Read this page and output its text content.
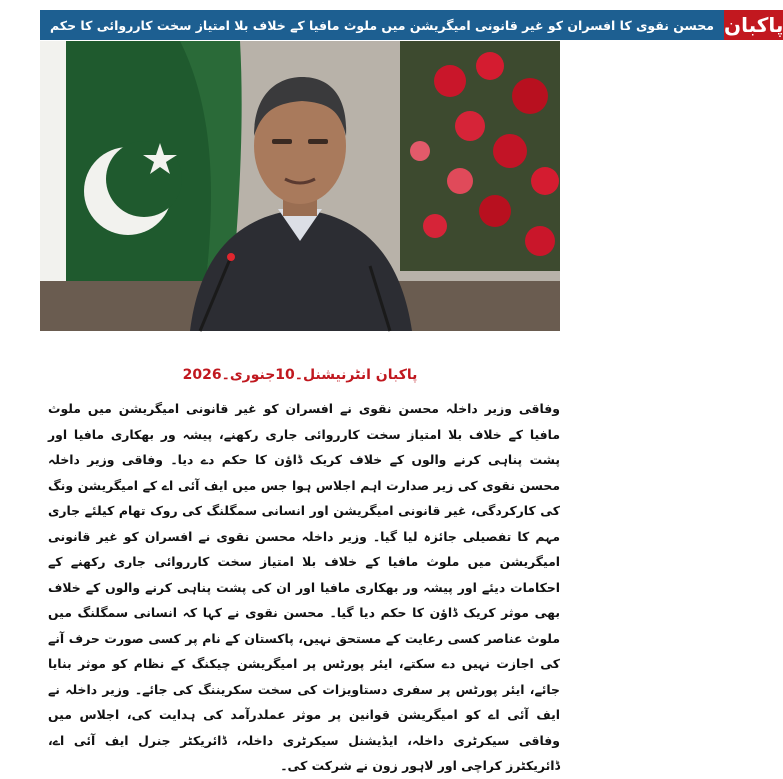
محسن نقوی کا افسران کو غیر قانونی امیگریشن میں ملوث مافیا کے خلاف بلا امتیاز سخت کارروائی کا حکم پاکبان
پاکبان انٹرنیشنل۔10جنوری۔2026

وفاقی وزیر داخلہ محسن نقوی نے افسران کو غیر قانونی امیگریشن میں ملوث مافیا کے خلاف بلا امتیاز سخت کارروائی جاری رکھنے، پیشہ ور بھکاری مافیا اور پشت پناہی کرنے والوں کے خلاف کریک ڈاؤن کا حکم دے دیا۔ وفاقی وزیر داخلہ محسن نقوی کی زیر صدارت اہم اجلاس ہوا جس میں ایف آئی اے کے امیگریشن ونگ کی کارکردگی، غیر قانونی امیگریشن اور انسانی سمگلنگ کی روک تھام کیلئے جاری مہم کا تفصیلی جائزہ لیا گیا۔ وزیر داخلہ محسن نقوی نے افسران کو غیر قانونی امیگریشن میں ملوث مافیا کے خلاف بلا امتیاز سخت کارروائی جاری رکھنے کے احکامات دیئے اور پیشہ ور بھکاری مافیا اور ان کی پشت پناہی کرنے والوں کے خلاف بھی موثر کریک ڈاؤن کا حکم دیا گیا۔ محسن نقوی نے کہا کہ انسانی سمگلنگ میں ملوث عناصر کسی رعایت کے مستحق نہیں، پاکستان کے نام پر کسی صورت حرف آنے کی اجازت نہیں دے سکتے، ایئر پورٹس پر امیگریشن چیکنگ کے نظام کو موثر بنایا جائے، ایئر پورٹس پر سفری دستاویزات کی سخت سکریننگ کی جائے۔ وزیر داخلہ نے ایف آئی اے کو امیگریشن قوانین پر موثر عملدرآمد کی ہدایت کی، اجلاس میں وفاقی سیکرٹری داخلہ، ایڈیشنل سیکرٹری داخلہ، ڈائریکٹر جنرل ایف آئی اے، ڈائریکٹرز کراچی اور لاہور زون نے شرکت کی۔
